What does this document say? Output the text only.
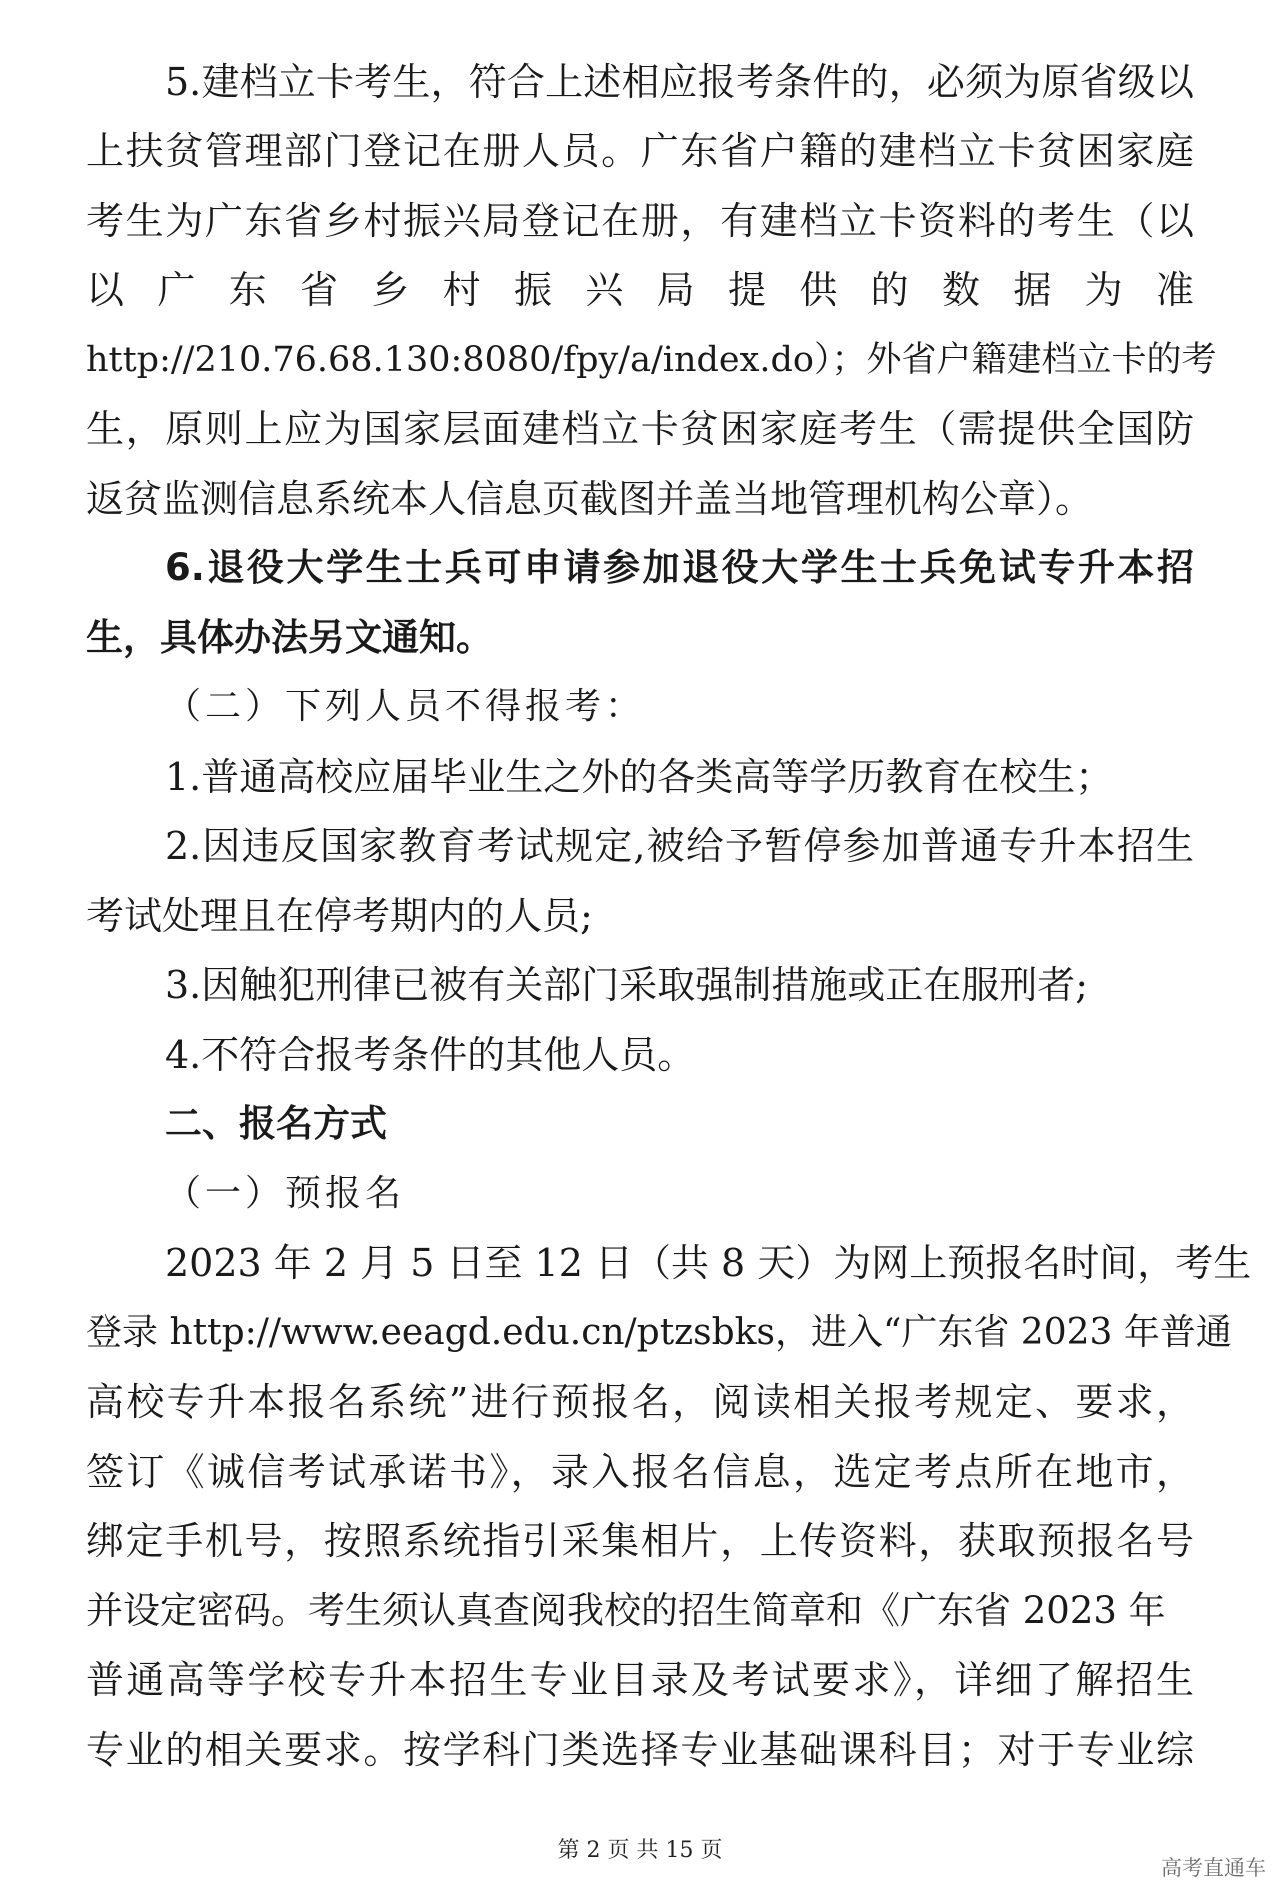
5.建档立卡考生，符合上述相应报考条件的，必须为原省级以
上扶贫管理部门登记在册人员。广东省户籍的建档立卡贫困家庭
考生为广东省乡村振兴局登记在册，有建档立卡资料的考生（以
以广东省乡村振兴局提供的数据为准
http://210.76.68.130:8080/fpy/a/index.do）；外省户籍建档立卡的考
生，原则上应为国家层面建档立卡贫困家庭考生（需提供全国防
返贫监测信息系统本人信息页截图并盖当地管理机构公章）。
6.退役大学生士兵可申请参加退役大学生士兵免试专升本招
生，具体办法另文通知。
（二）下列人员不得报考：
1.普通高校应届毕业生之外的各类高等学历教育在校生；
2.因违反国家教育考试规定,被给予暂停参加普通专升本招生
考试处理且在停考期内的人员;
3.因触犯刑律已被有关部门采取强制措施或正在服刑者;
4.不符合报考条件的其他人员。
二、报名方式
（一）预报名
2023 年 2 月 5 日至 12 日（共 8 天）为网上预报名时间，考生
登录 http://www.eeagd.edu.cn/ptzsbks，进入“广东省 2023 年普通
高校专升本报名系统”进行预报名，阅读相关报考规定、要求，
签订《诚信考试承诺书》，录入报名信息，选定考点所在地市，
绑定手机号，按照系统指引采集相片，上传资料，获取预报名号
并设定密码。考生须认真查阅我校的招生简章和《广东省 2023 年
普通高等学校专升本招生专业目录及考试要求》，详细了解招生
专业的相关要求。按学科门类选择专业基础课科目；对于专业综
第 2 页 共 15 页
高考直通车
